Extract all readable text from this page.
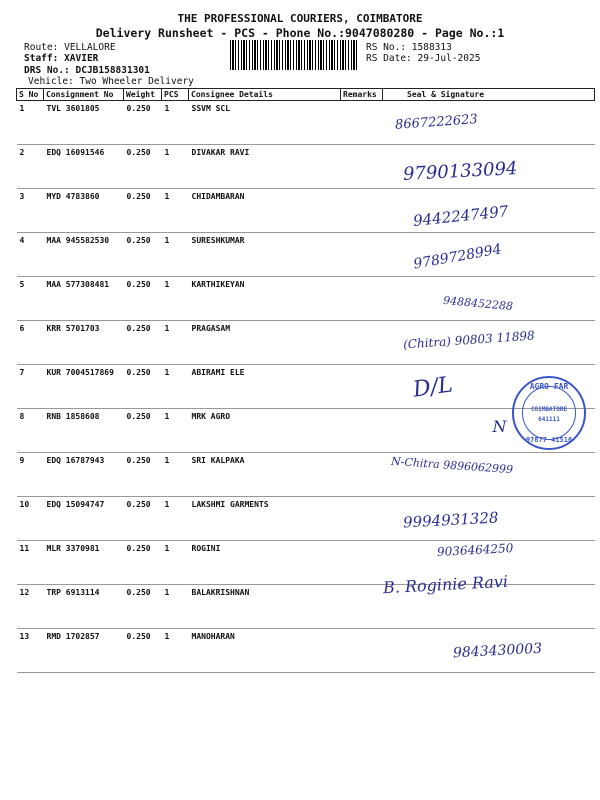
THE PROFESSIONAL COURIERS, COIMBATORE
Delivery Runsheet - PCS - Phone No.:9047080280 - Page No.:1
Route: VELLALORE
Staff: XAVIER
DRS No.: DCJB158831301
Vehicle: Two Wheeler Delivery
RS No.: 1588313
RS Date: 29-Jul-2025
S No	Consignment No	Weight	PCS	Consignee Details	Remarks	Seal & Signature
1	TVL 3601805	0.250	1	SSVM SCL		8667222623

2	EDQ 16091546	0.250	1	DIVAKAR RAVI		9790133094

3	MYD 4783860	0.250	1	CHIDAMBARAN		9442247497

4	MAA 945582530	0.250	1	SURESHKUMAR		9789728994

5	MAA 577308481	0.250	1	KARTHIKEYAN		9488452288

6	KRR 5701703	0.250	1	PRAGASAM		(Chitra) 90803 11898

7	KUR 7004517869	0.250	1	ABIRAMI ELE		D/L

8	RNB 1858608	0.250	1	MRK AGRO		N

9	EDQ 16787943	0.250	1	SRI KALPAKA		N-Chitra 9896062999

10	EDQ 15094747	0.250	1	LAKSHMI GARMENTS		9994931328

11	MLR 3370981	0.250	1	ROGINI		9036464250

12	TRP 6913114	0.250	1	BALAKRISHNAN		B. Roginie Ravi

13	RMD 1702857	0.250	1	MANOHARAN		9843430003
AGRO FAR
COIMBATORE
641111
97877 41516
